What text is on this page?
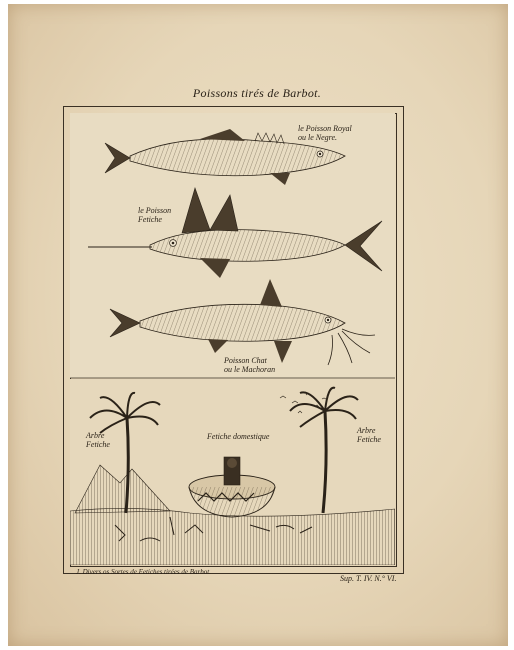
Poissons tirés de Barbot.
le Poisson Royal
ou le Negre.
le Poisson
Fetiche
Poisson Chat
ou le Machoran
Arbre
Fetiche
Arbre
Fetiche
Fetiche domestique
J. Divers os Sortes de Fetiches tirées de Barbot.
Sup. T. IV. N.° VI.
